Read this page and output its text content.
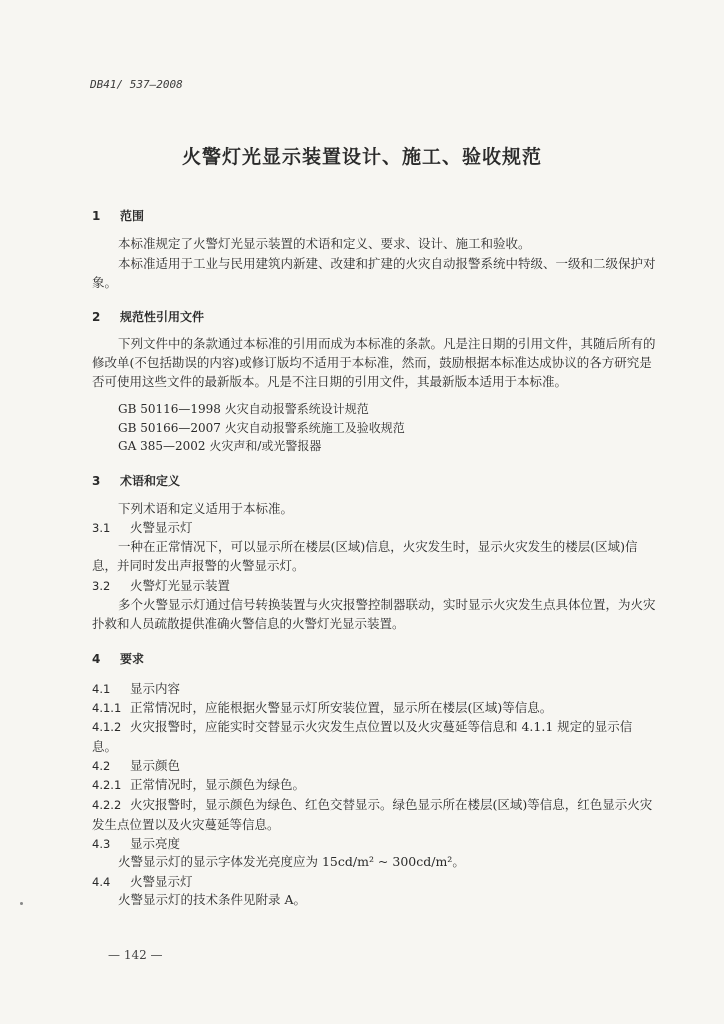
DB41/ 537—2008
火警灯光显示装置设计、施工、验收规范
1 范围
本标准规定了火警灯光显示装置的术语和定义、要求、设计、施工和验收。
本标准适用于工业与民用建筑内新建、改建和扩建的火灾自动报警系统中特级、一级和二级保护对象。
2 规范性引用文件
下列文件中的条款通过本标准的引用而成为本标准的条款。凡是注日期的引用文件，其随后所有的修改单(不包括勘误的内容)或修订版均不适用于本标准，然而，鼓励根据本标准达成协议的各方研究是否可使用这些文件的最新版本。凡是不注日期的引用文件，其最新版本适用于本标准。
GB 50116—1998 火灾自动报警系统设计规范
GB 50166—2007 火灾自动报警系统施工及验收规范
GA 385—2002 火灾声和/或光警报器
3 术语和定义
下列术语和定义适用于本标准。
3.1 火警显示灯
一种在正常情况下，可以显示所在楼层(区域)信息，火灾发生时，显示火灾发生的楼层(区域)信息，并同时发出声报警的火警显示灯。
3.2 火警灯光显示装置
多个火警显示灯通过信号转换装置与火灾报警控制器联动，实时显示火灾发生点具体位置，为火灾扑救和人员疏散提供准确火警信息的火警灯光显示装置。
4 要求
4.1 显示内容
4.1.1 正常情况时，应能根据火警显示灯所安装位置，显示所在楼层(区域)等信息。
4.1.2 火灾报警时，应能实时交替显示火灾发生点位置以及火灾蔓延等信息和 4.1.1 规定的显示信息。
4.2 显示颜色
4.2.1 正常情况时，显示颜色为绿色。
4.2.2 火灾报警时，显示颜色为绿色、红色交替显示。绿色显示所在楼层(区域)等信息，红色显示火灾发生点位置以及火灾蔓延等信息。
4.3 显示亮度
火警显示灯的显示字体发光亮度应为 15cd/m² ~ 300cd/m²。
4.4 火警显示灯
火警显示灯的技术条件见附录 A。
— 142 —
